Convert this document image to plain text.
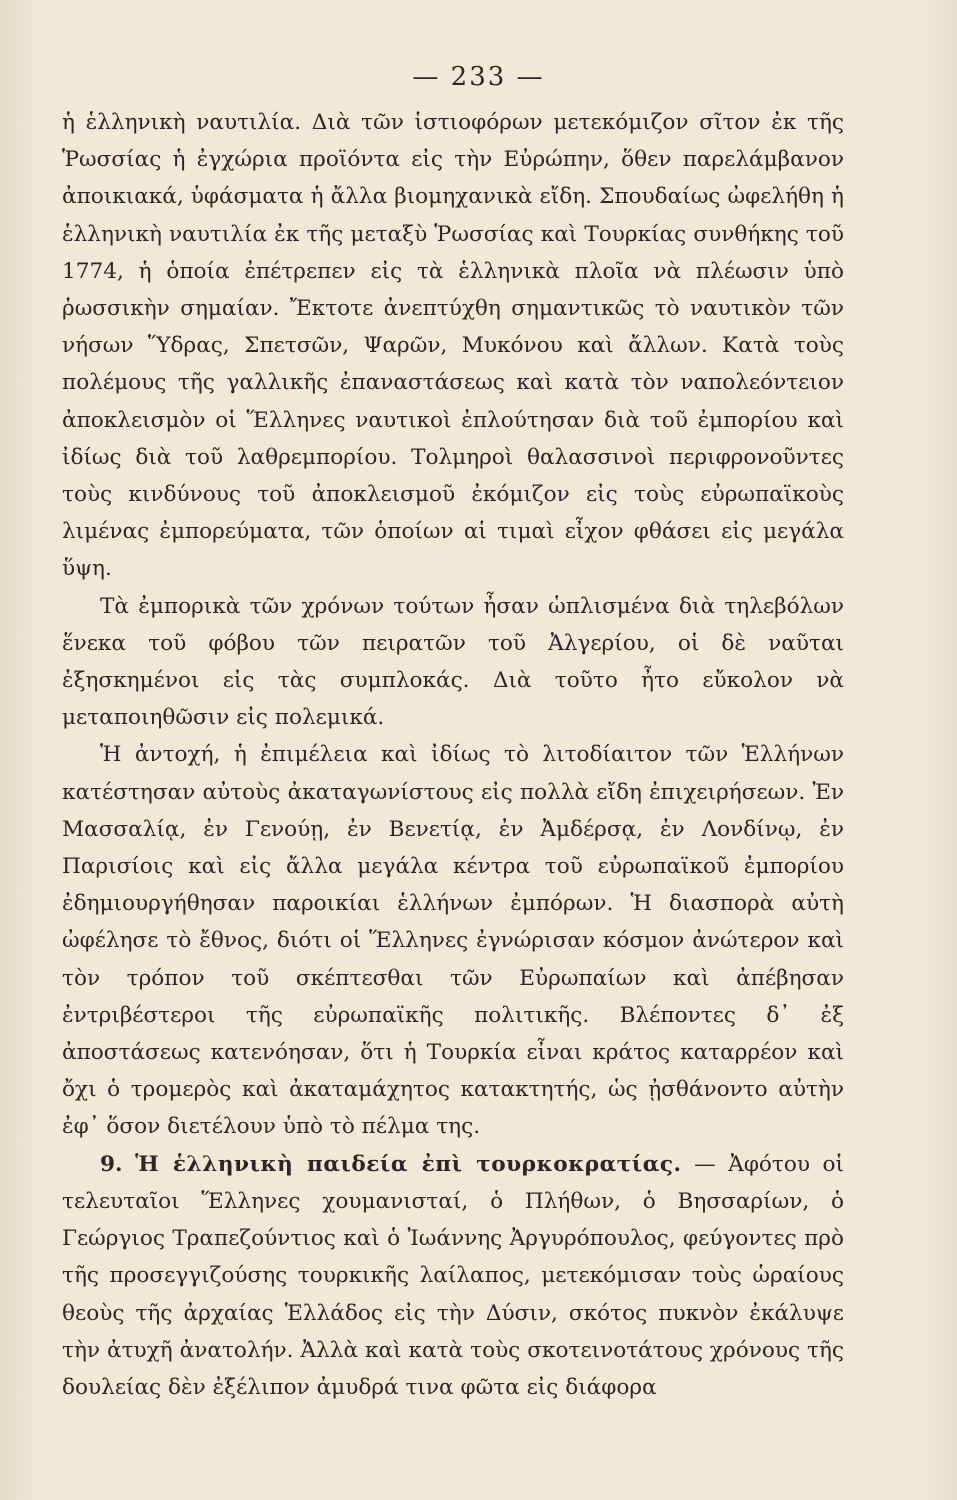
— 233 —

ἡ ἑλληνικὴ ναυτιλία. Διὰ τῶν ἱστιοφόρων μετεκόμιζον σῖτον ἐκ τῆς Ῥωσσίας ἡ ἐγχώρια προϊόντα εἰς τὴν Εὐρώπην, ὅθεν παρελάμβανον ἀποικιακά, ὑφάσματα ἡ ἄλλα βιομηχανικὰ εἴδη. Σπουδαίως ὠφελήθη ἡ ἑλληνικὴ ναυτιλία ἐκ τῆς μεταξὺ Ῥωσσίας καὶ Τουρκίας συνθήκης τοῦ 1774, ἡ ὁποία ἐπέτρεπεν εἰς τὰ ἑλληνικὰ πλοῖα νὰ πλέωσιν ὑπὸ ῥωσσικὴν σημαίαν. Ἔκτοτε ἀνεπτύχθη σημαντικῶς τὸ ναυτικὸν τῶν νήσων Ὕδρας, Σπετσῶν, Ψαρῶν, Μυκόνου καὶ ἄλλων. Κατὰ τοὺς πολέμους τῆς γαλλικῆς ἐπαναστάσεως καὶ κατὰ τὸν ναπολεόντειον ἀποκλεισμὸν οἱ Ἕλληνες ναυτικοὶ ἐπλούτησαν διὰ τοῦ ἐμπορίου καὶ ἰδίως διὰ τοῦ λαθρεμπορίου. Τολμηροὶ θαλασσινοὶ περιφρονοῦντες τοὺς κινδύνους τοῦ ἀποκλεισμοῦ ἐκόμιζον εἰς τοὺς εὐρωπαϊκοὺς λιμένας ἐμπορεύματα, τῶν ὁποίων αἱ τιμαὶ εἶχον φθάσει εἰς μεγάλα ὕψη.

Τὰ ἐμπορικὰ τῶν χρόνων τούτων ἦσαν ὡπλισμένα διὰ τηλεβόλων ἕνεκα τοῦ φόβου τῶν πειρατῶν τοῦ Ἀλγερίου, οἱ δὲ ναῦται ἐξησκημένοι εἰς τὰς συμπλοκάς. Διὰ τοῦτο ἦτο εὔκολον νὰ μεταποιηθῶσιν εἰς πολεμικά.

Ἡ ἀντοχή, ἡ ἐπιμέλεια καὶ ἰδίως τὸ λιτοδίαιτον τῶν Ἑλλήνων κατέστησαν αὐτοὺς ἀκαταγωνίστους εἰς πολλὰ εἴδη ἐπιχειρήσεων. Ἐν Μασσαλίᾳ, ἐν Γενούῃ, ἐν Βενετίᾳ, ἐν Ἀμδέρσᾳ, ἐν Λονδίνῳ, ἐν Παρισίοις καὶ εἰς ἄλλα μεγάλα κέντρα τοῦ εὐρωπαϊκοῦ ἐμπορίου ἐδημιουργήθησαν παροικίαι ἑλλήνων ἐμπόρων. Ἡ διασπορὰ αὐτὴ ὠφέλησε τὸ ἔθνος, διότι οἱ Ἕλληνες ἐγνώρισαν κόσμον ἀνώτερον καὶ τὸν τρόπον τοῦ σκέπτεσθαι τῶν Εὐρωπαίων καὶ ἀπέβησαν ἐντριβέστεροι τῆς εὐρωπαϊκῆς πολιτικῆς. Βλέποντες δ᾽ ἐξ ἀποστάσεως κατενόησαν, ὅτι ἡ Τουρκία εἶναι κράτος καταρρέον καὶ ὄχι ὁ τρομερὸς καὶ ἀκαταμάχητος κατακτητής, ὡς ᾐσθάνοντο αὐτὴν ἐφ᾽ ὅσον διετέλουν ὑπὸ τὸ πέλμα της.

9. Ἡ ἑλληνικὴ παιδεία ἐπὶ τουρκοκρατίας. — Ἀφότου οἱ τελευταῖοι Ἕλληνες χουμανισταί, ὁ Πλήθων, ὁ Βησσαρίων, ὁ Γεώργιος Τραπεζούντιος καὶ ὁ Ἰωάννης Ἀργυρόπουλος, φεύγοντες πρὸ τῆς προσεγγιζούσης τουρκικῆς λαίλαπος, μετεκόμισαν τοὺς ὡραίους θεοὺς τῆς ἀρχαίας Ἑλλάδος εἰς τὴν Δύσιν, σκότος πυκνὸν ἐκάλυψε τὴν ἀτυχῆ ἀνατολήν. Ἀλλὰ καὶ κατὰ τοὺς σκοτεινοτάτους χρόνους τῆς δουλείας δὲν ἐξέλιπον ἀμυδρά τινα φῶτα εἰς διάφορα
